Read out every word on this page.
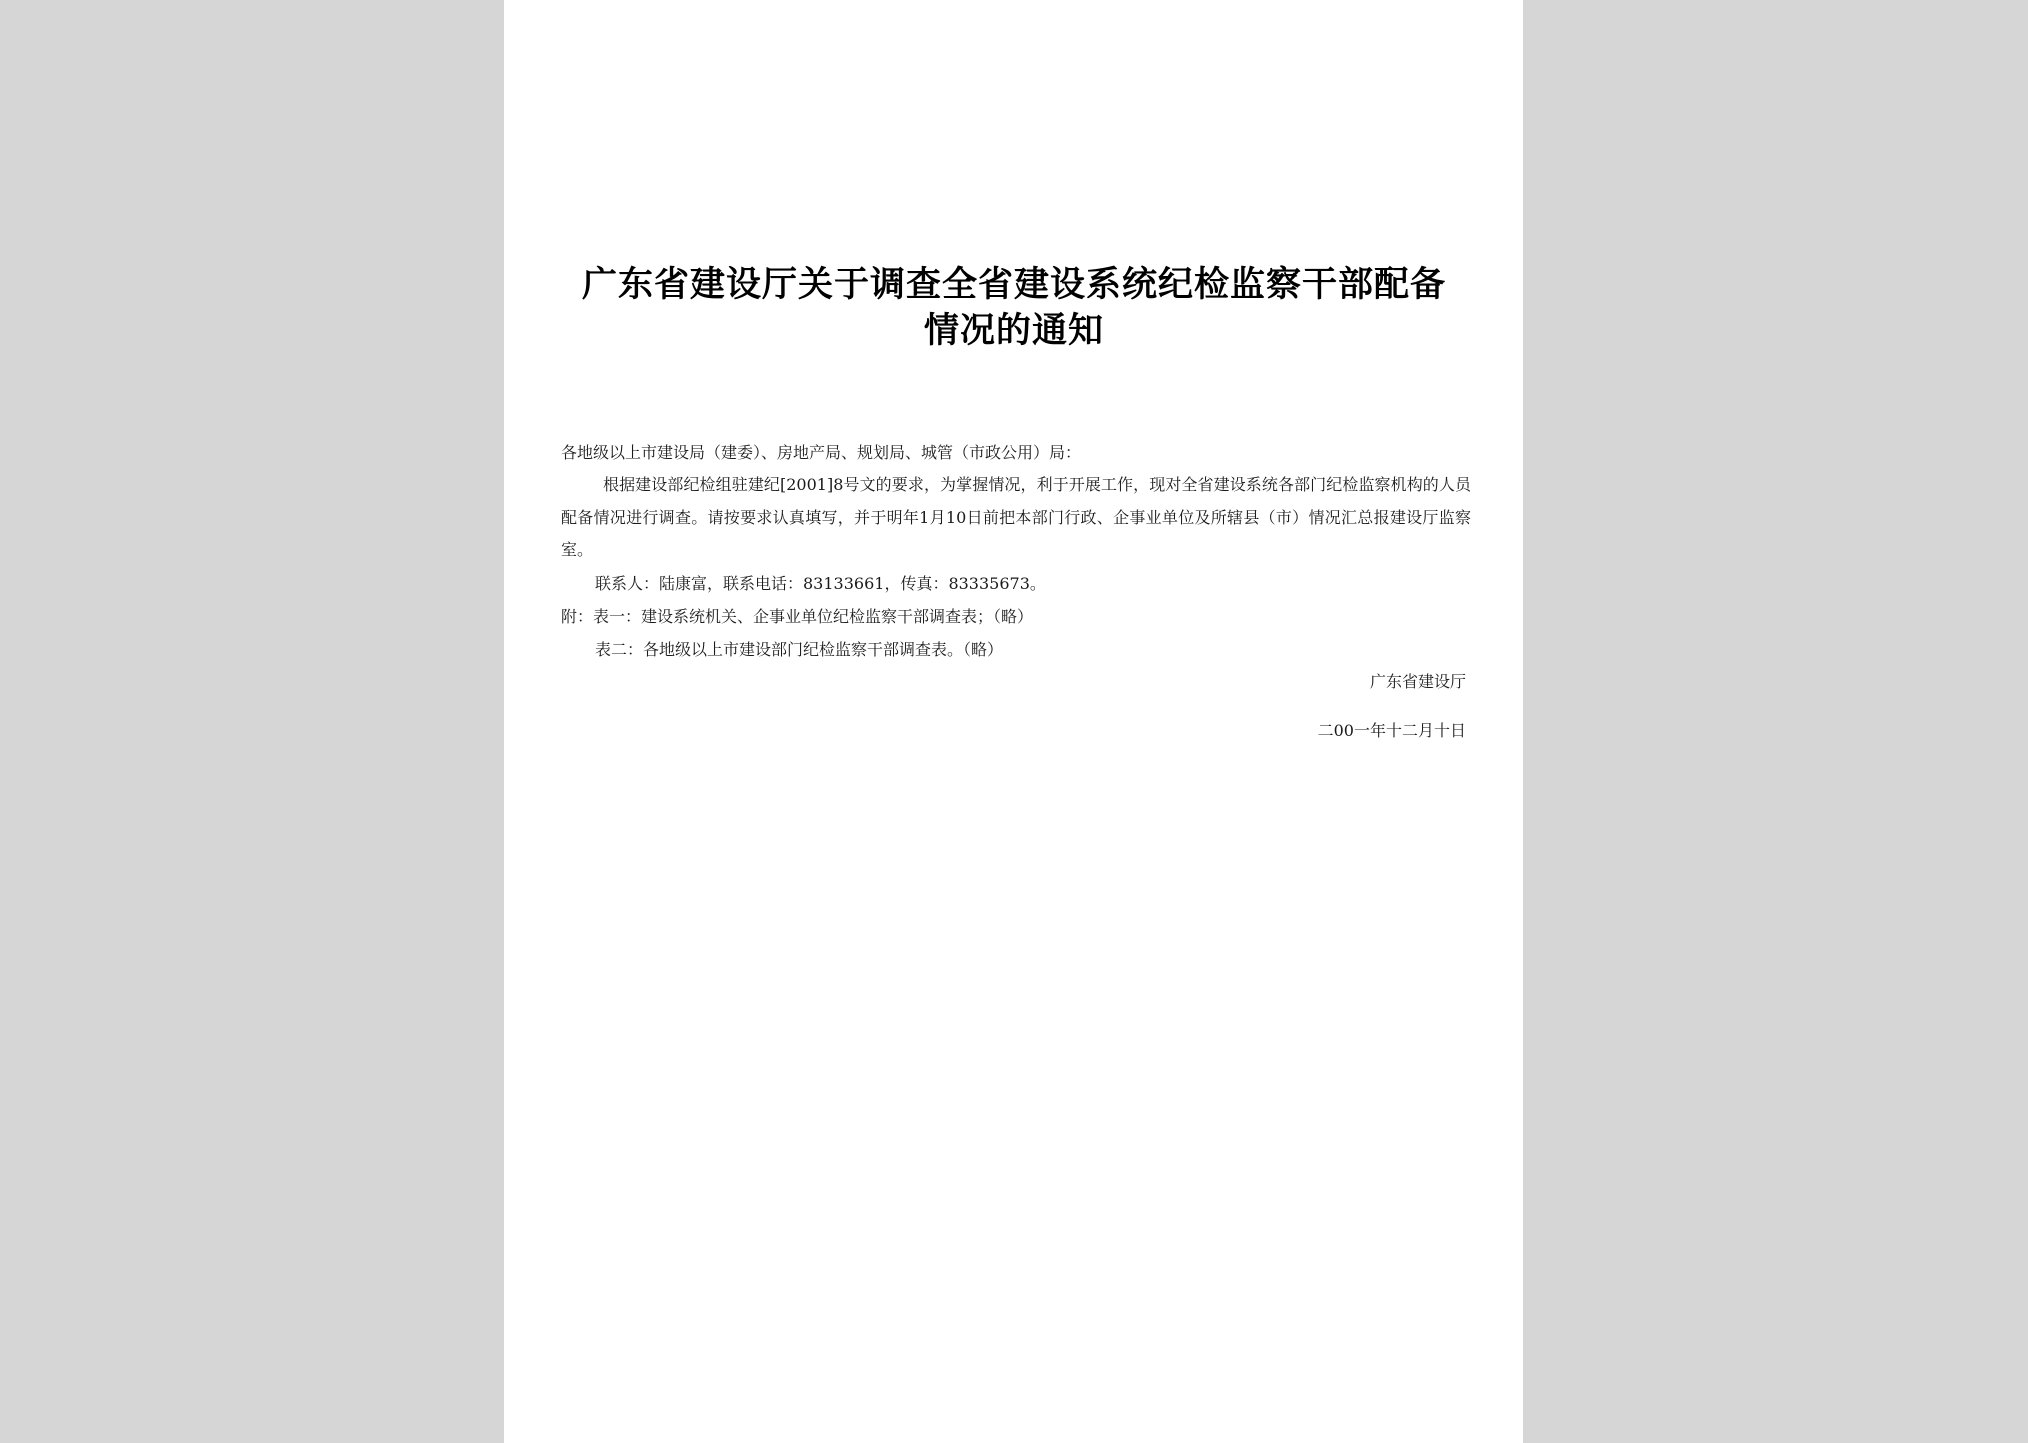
广东省建设厅关于调查全省建设系统纪检监察干部配备
情况的通知
各地级以上市建设局（建委）、房地产局、规划局、城管（市政公用）局：
根据建设部纪检组驻建纪[2001]8号文的要求，为掌握情况，利于开展工作，现对全省建设系统各部门纪检监察机构的人员配备情况进行调查。请按要求认真填写，并于明年1月10日前把本部门行政、企事业单位及所辖县（市）情况汇总报建设厅监察室。
联系人：陆康富，联系电话：83133661，传真：83335673。
附：表一：建设系统机关、企事业单位纪检监察干部调查表；（略）
表二：各地级以上市建设部门纪检监察干部调查表。（略）
广东省建设厅
二00一年十二月十日
